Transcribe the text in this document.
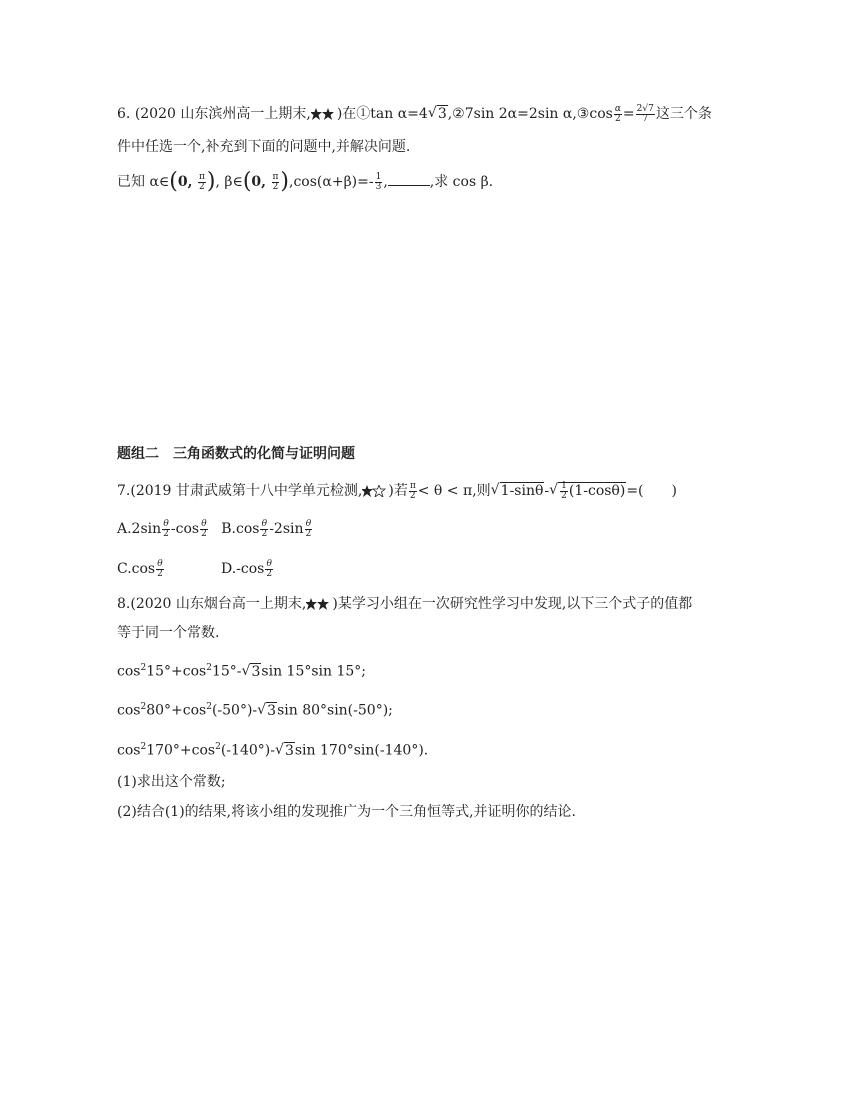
6. (2020 山东滨州高一上期末, )在①tan α=4√ 3,②7sin 2α=2sin α,③cos $\frac{\alpha}{2} = \frac{2√7}{7}$ 这三个条
件中任选一个,补充到下面的问题中,并解决问题.
已知 α∈(0, $\frac{\pi}{2}$ ), β∈(0, $\frac{\pi}{2} ),\cos(\alpha+\beta)=- \frac{1}{3}$ ,	,求 cos β.
题组二　三角函数式的化简与证明问题
7.(2019 甘肃武威第十八中学单元检测, )若 $\frac{\pi}{2} < \theta < \pi$,则√ 1-sinθ-
√ $\frac{1}{2} (1-\cos\theta)=$(　　)
$A.2\sin \frac{\theta}{2} -\cos \frac{\theta}{2} B.\cos \frac{\theta}{2} -2\sin \frac{\theta}{2}$
$C.\cos \frac{\theta}{2}$	$D.-\cos \frac{\theta}{2}$
8.(2020 山东烟台高一上期末, )某学习小组在一次研究性学习中发现,以下三个式子的值都
等于同一个常数.
$\cos^215^\circ+\cos^215^\circ-√$ 3sin 15°sin 15°;
$\cos^280^\circ+\cos^2(-50^\circ)-√$ 3sin 80°sin(-50°);
$\cos^2170^\circ+\cos^2(-140^\circ)-√$ 3sin 170°sin(-140°).
(1)求出这个常数;
(2)结合(1)的结果,将该小组的发现推广为一个三角恒等式,并证明你的结论.
